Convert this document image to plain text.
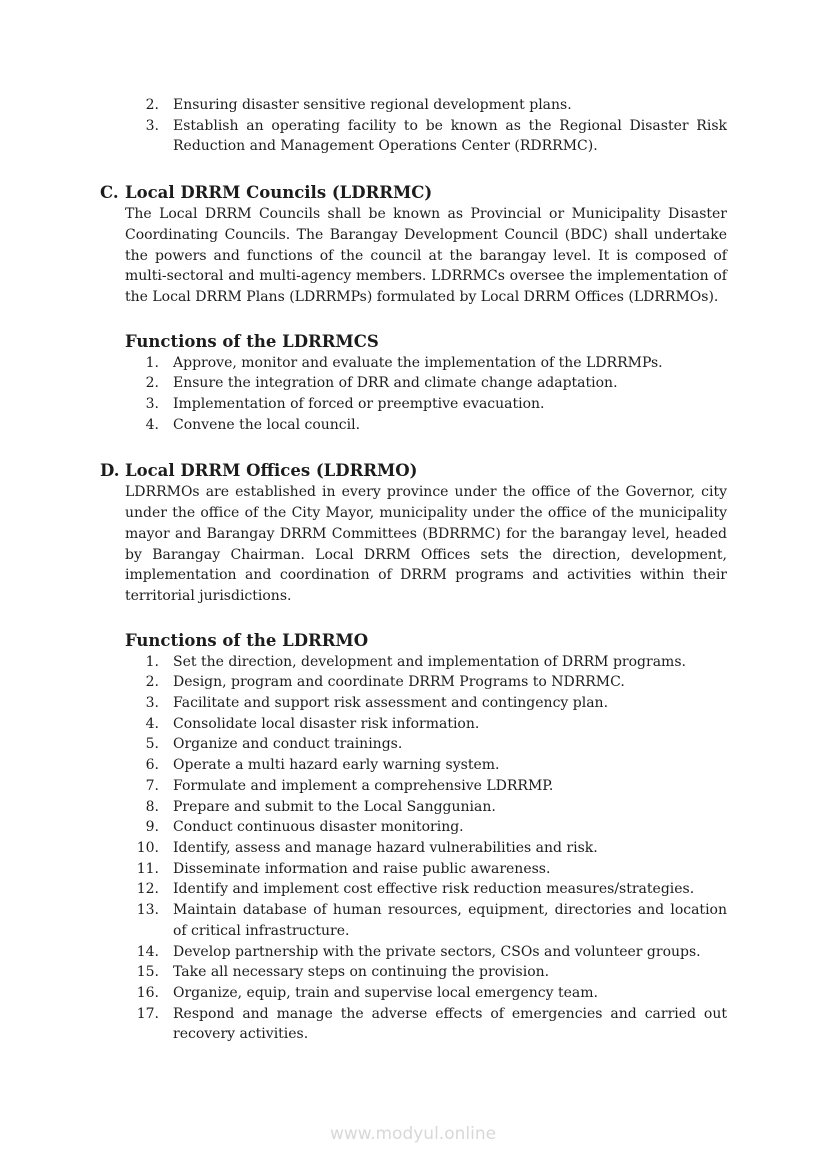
2. Ensuring disaster sensitive regional development plans.
3. Establish an operating facility to be known as the Regional Disaster Risk Reduction and Management Operations Center (RDRRMC).
C. Local DRRM Councils (LDRRMC)

The Local DRRM Councils shall be known as Provincial or Municipality Disaster Coordinating Councils. The Barangay Development Council (BDC) shall undertake the powers and functions of the council at the barangay level. It is composed of multi-sectoral and multi-agency members. LDRRMCs oversee the implementation of the Local DRRM Plans (LDRRMPs) formulated by Local DRRM Offices (LDRRMOs).

Functions of the LDRRMCS
1. Approve, monitor and evaluate the implementation of the LDRRMPs.
2. Ensure the integration of DRR and climate change adaptation.
3. Implementation of forced or preemptive evacuation.
4. Convene the local council.
D. Local DRRM Offices (LDRRMO)

LDRRMOs are established in every province under the office of the Governor, city under the office of the City Mayor, municipality under the office of the municipality mayor and Barangay DRRM Committees (BDRRMC) for the barangay level, headed by Barangay Chairman. Local DRRM Offices sets the direction, development, implementation and coordination of DRRM programs and activities within their territorial jurisdictions.

Functions of the LDRRMO
1. Set the direction, development and implementation of DRRM programs.
2. Design, program and coordinate DRRM Programs to NDRRMC.
3. Facilitate and support risk assessment and contingency plan.
4. Consolidate local disaster risk information.
5. Organize and conduct trainings.
6. Operate a multi hazard early warning system.
7. Formulate and implement a comprehensive LDRRMP.
8. Prepare and submit to the Local Sanggunian.
9. Conduct continuous disaster monitoring.
10. Identify, assess and manage hazard vulnerabilities and risk.
11. Disseminate information and raise public awareness.
12. Identify and implement cost effective risk reduction measures/strategies.
13. Maintain database of human resources, equipment, directories and location of critical infrastructure.
14. Develop partnership with the private sectors, CSOs and volunteer groups.
15. Take all necessary steps on continuing the provision.
16. Organize, equip, train and supervise local emergency team.
17. Respond and manage the adverse effects of emergencies and carried out recovery activities.
www.modyul.online
